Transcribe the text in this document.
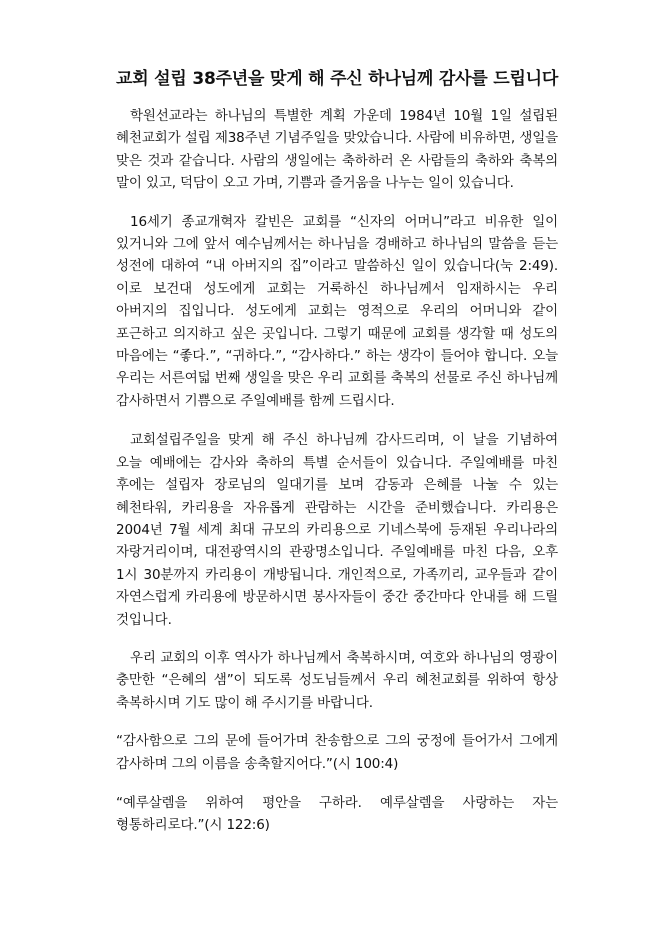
교회 설립 38주년을 맞게 해 주신 하나님께 감사를 드립니다

학원선교라는 하나님의 특별한 계획 가운데 1984년 10월 1일 설립된 혜천교회가 설립 제38주년 기념주일을 맞았습니다. 사람에 비유하면, 생일을 맞은 것과 같습니다. 사람의 생일에는 축하하러 온 사람들의 축하와 축복의 말이 있고, 덕담이 오고 가며, 기쁨과 즐거움을 나누는 일이 있습니다.

16세기 종교개혁자 칼빈은 교회를 “신자의 어머니”라고 비유한 일이 있거니와 그에 앞서 예수님께서는 하나님을 경배하고 하나님의 말씀을 듣는 성전에 대하여 “내 아버지의 집”이라고 말씀하신 일이 있습니다(눅 2:49). 이로 보건대 성도에게 교회는 거룩하신 하나님께서 임재하시는 우리 아버지의 집입니다. 성도에게 교회는 영적으로 우리의 어머니와 같이 포근하고 의지하고 싶은 곳입니다. 그렇기 때문에 교회를 생각할 때 성도의 마음에는 “좋다.”, “귀하다.”, “감사하다.” 하는 생각이 들어야 합니다. 오늘 우리는 서른여덟 번째 생일을 맞은 우리 교회를 축복의 선물로 주신 하나님께 감사하면서 기쁨으로 주일예배를 함께 드립시다.

교회설립주일을 맞게 해 주신 하나님께 감사드리며, 이 날을 기념하여 오늘 예배에는 감사와 축하의 특별 순서들이 있습니다. 주일예배를 마친 후에는 설립자 장로님의 일대기를 보며 감동과 은혜를 나눌 수 있는 혜천타워, 카리용을 자유롭게 관람하는 시간을 준비했습니다. 카리용은 2004년 7월 세계 최대 규모의 카리용으로 기네스북에 등재된 우리나라의 자랑거리이며, 대전광역시의 관광명소입니다. 주일예배를 마친 다음, 오후 1시 30분까지 카리용이 개방됩니다. 개인적으로, 가족끼리, 교우들과 같이 자연스럽게 카리용에 방문하시면 봉사자들이 중간 중간마다 안내를 해 드릴 것입니다.

우리 교회의 이후 역사가 하나님께서 축복하시며, 여호와 하나님의 영광이 충만한 “은혜의 샘”이 되도록 성도님들께서 우리 혜천교회를 위하여 항상 축복하시며 기도 많이 해 주시기를 바랍니다.

“감사함으로 그의 문에 들어가며 찬송함으로 그의 궁정에 들어가서 그에게 감사하며 그의 이름을 송축할지어다.”(시 100:4)

“예루살렘을 위하여 평안을 구하라. 예루살렘을 사랑하는 자는 형통하리로다.”(시 122:6)
